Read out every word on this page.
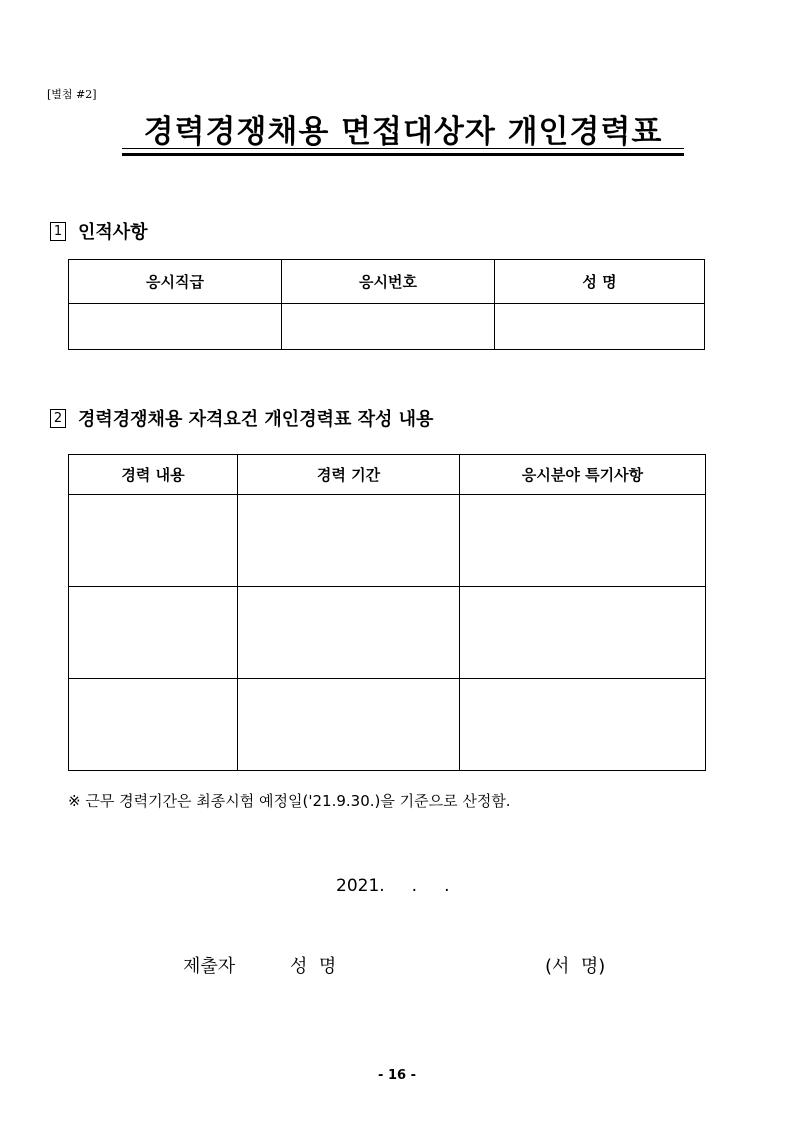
[별첨 #2]
경력경쟁채용 면접대상자 개인경력표
1 인적사항
응시직급	응시번호	성 명

2 경력경쟁채용 자격요건 개인경력표 작성 내용
경력 내용	경력 기간	응시분야 특기사항

※ 근무 경력기간은 최종시험 예정일('21.9.30.)을 기준으로 산정함.
2021.     .     .
제출자	성  명	(서  명)
- 16 -
